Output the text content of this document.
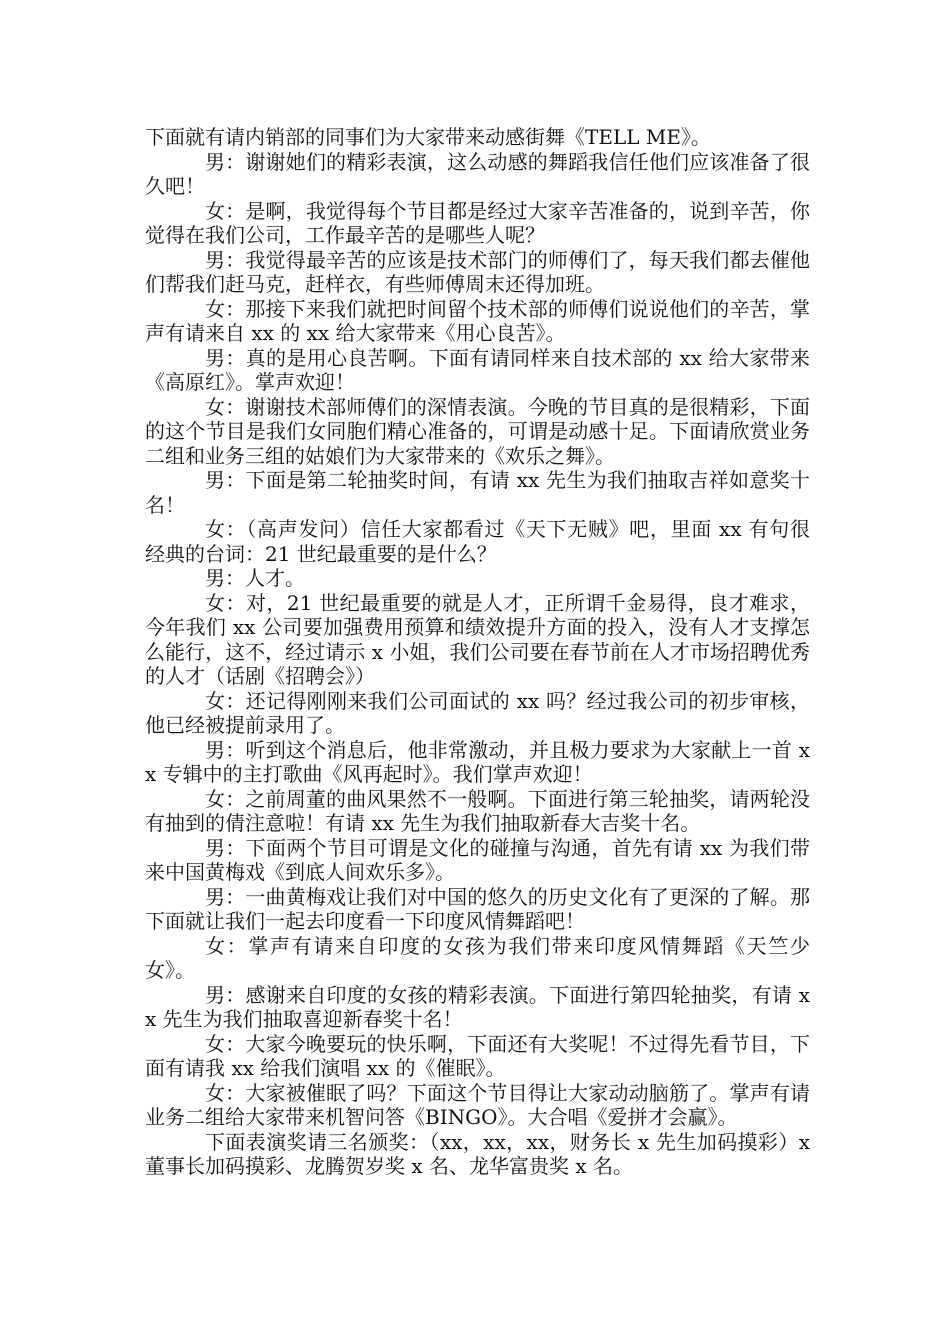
下面就有请内销部的同事们为大家带来动感街舞《TELL ME》。

男：谢谢她们的精彩表演，这么动感的舞蹈我信任他们应该准备了很久吧！

女：是啊，我觉得每个节目都是经过大家辛苦准备的，说到辛苦，你觉得在我们公司，工作最辛苦的是哪些人呢？

男：我觉得最辛苦的应该是技术部门的师傅们了，每天我们都去催他们帮我们赶马克，赶样衣，有些师傅周末还得加班。

女：那接下来我们就把时间留个技术部的师傅们说说他们的辛苦，掌声有请来自 xx 的 xx 给大家带来《用心良苦》。

男：真的是用心良苦啊。下面有请同样来自技术部的 xx 给大家带来《高原红》。掌声欢迎！

女：谢谢技术部师傅们的深情表演。今晚的节目真的是很精彩，下面的这个节目是我们女同胞们精心准备的，可谓是动感十足。下面请欣赏业务二组和业务三组的姑娘们为大家带来的《欢乐之舞》。

男：下面是第二轮抽奖时间，有请 xx 先生为我们抽取吉祥如意奖十名！

女：（高声发问）信任大家都看过《天下无贼》吧，里面 xx 有句很经典的台词：21 世纪最重要的是什么？

男：人才。

女：对，21 世纪最重要的就是人才，正所谓千金易得，良才难求，今年我们 xx 公司要加强费用预算和绩效提升方面的投入，没有人才支撑怎么能行，这不，经过请示 x 小姐，我们公司要在春节前在人才市场招聘优秀的人才（话剧《招聘会》）

女：还记得刚刚来我们公司面试的 xx 吗？经过我公司的初步审核，他已经被提前录用了。

男：听到这个消息后，他非常激动，并且极力要求为大家献上一首 xx 专辑中的主打歌曲《风再起时》。我们掌声欢迎！

女：之前周董的曲风果然不一般啊。下面进行第三轮抽奖，请两轮没有抽到的倩注意啦！有请 xx 先生为我们抽取新春大吉奖十名。

男：下面两个节目可谓是文化的碰撞与沟通，首先有请 xx 为我们带来中国黄梅戏《到底人间欢乐多》。

男：一曲黄梅戏让我们对中国的悠久的历史文化有了更深的了解。那下面就让我们一起去印度看一下印度风情舞蹈吧！

女：掌声有请来自印度的女孩为我们带来印度风情舞蹈《天竺少女》。

男：感谢来自印度的女孩的精彩表演。下面进行第四轮抽奖，有请 xx 先生为我们抽取喜迎新春奖十名！

女：大家今晚要玩的快乐啊，下面还有大奖呢！不过得先看节目，下面有请我 xx 给我们演唱 xx 的《催眠》。

女：大家被催眠了吗？下面这个节目得让大家动动脑筋了。掌声有请业务二组给大家带来机智问答《BINGO》。大合唱《爱拼才会赢》。

下面表演奖请三名颁奖：（xx，xx，xx，财务长 x 先生加码摸彩）x 董事长加码摸彩、龙腾贺岁奖 x 名、龙华富贵奖 x 名。
